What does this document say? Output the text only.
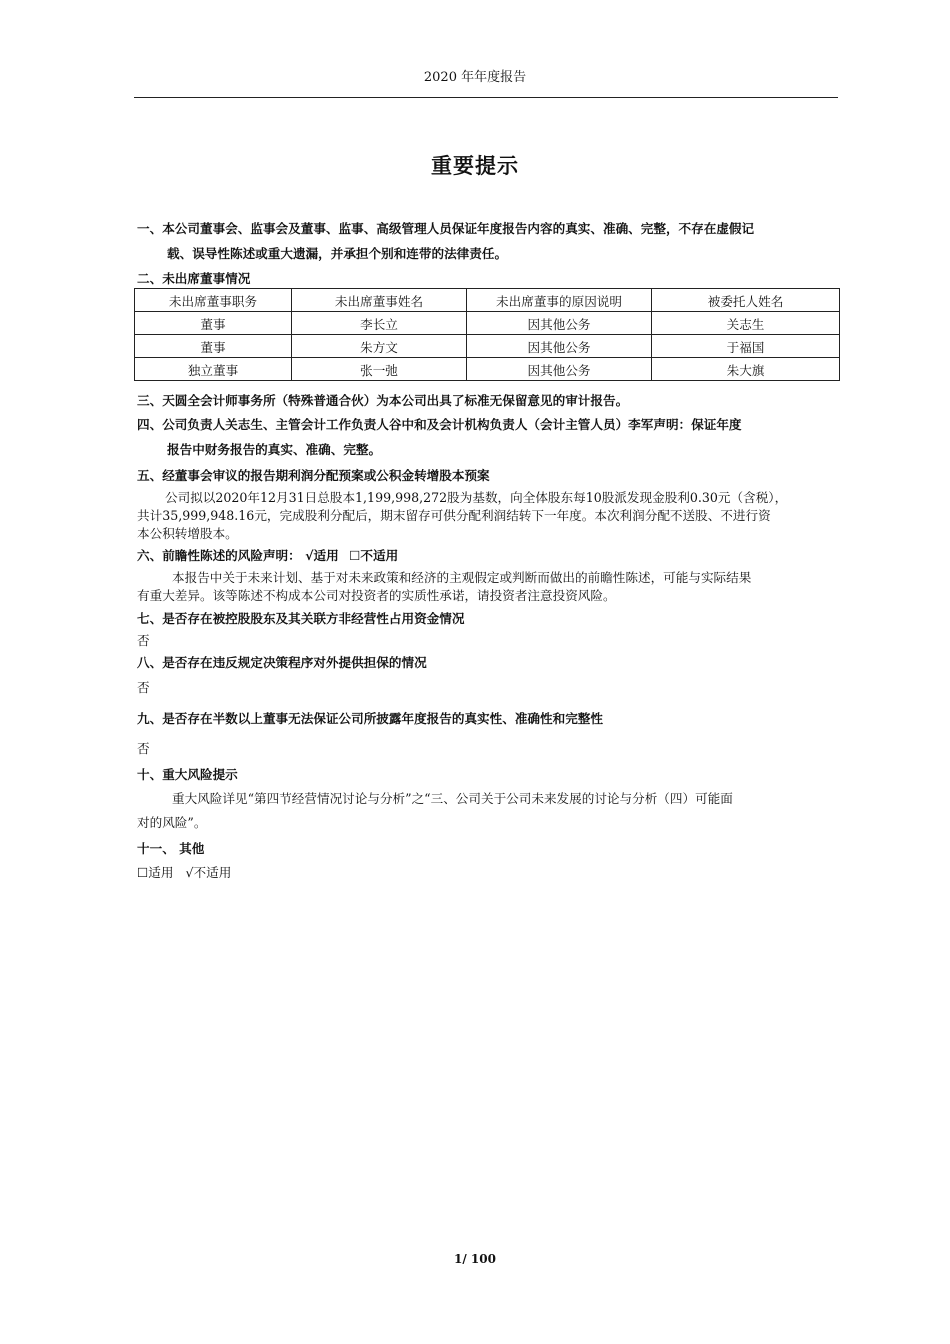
2020 年年度报告
重要提示
一、本公司董事会、监事会及董事、监事、高级管理人员保证年度报告内容的真实、准确、完整，不存在虚假记
载、误导性陈述或重大遗漏，并承担个别和连带的法律责任。
二、未出席董事情况
未出席董事职务	未出席董事姓名	未出席董事的原因说明	被委托人姓名
董事	李长立	因其他公务	关志生
董事	朱方文	因其他公务	于福国
独立董事	张一弛	因其他公务	朱大旗
三、天圆全会计师事务所（特殊普通合伙）为本公司出具了标准无保留意见的审计报告。
四、公司负责人关志生、主管会计工作负责人谷中和及会计机构负责人（会计主管人员）李军声明：保证年度
报告中财务报告的真实、准确、完整。
五、经董事会审议的报告期利润分配预案或公积金转增股本预案
公司拟以2020年12月31日总股本1,199,998,272股为基数，向全体股东每10股派发现金股利0.30元（含税），
共计35,999,948.16元，完成股利分配后，期末留存可供分配利润结转下一年度。本次利润分配不送股、不进行资
本公积转增股本。
六、前瞻性陈述的风险声明： √适用 ☐不适用
本报告中关于未来计划、基于对未来政策和经济的主观假定或判断而做出的前瞻性陈述，可能与实际结果
有重大差异。该等陈述不构成本公司对投资者的实质性承诺，请投资者注意投资风险。
七、是否存在被控股股东及其关联方非经营性占用资金情况
否
八、是否存在违反规定决策程序对外提供担保的情况
否
九、是否存在半数以上董事无法保证公司所披露年度报告的真实性、准确性和完整性
否
十、重大风险提示
重大风险详见“第四节经营情况讨论与分析”之“三、公司关于公司未来发展的讨论与分析（四）可能面
对的风险”。
十一、 其他
☐适用 √不适用
1/ 100
